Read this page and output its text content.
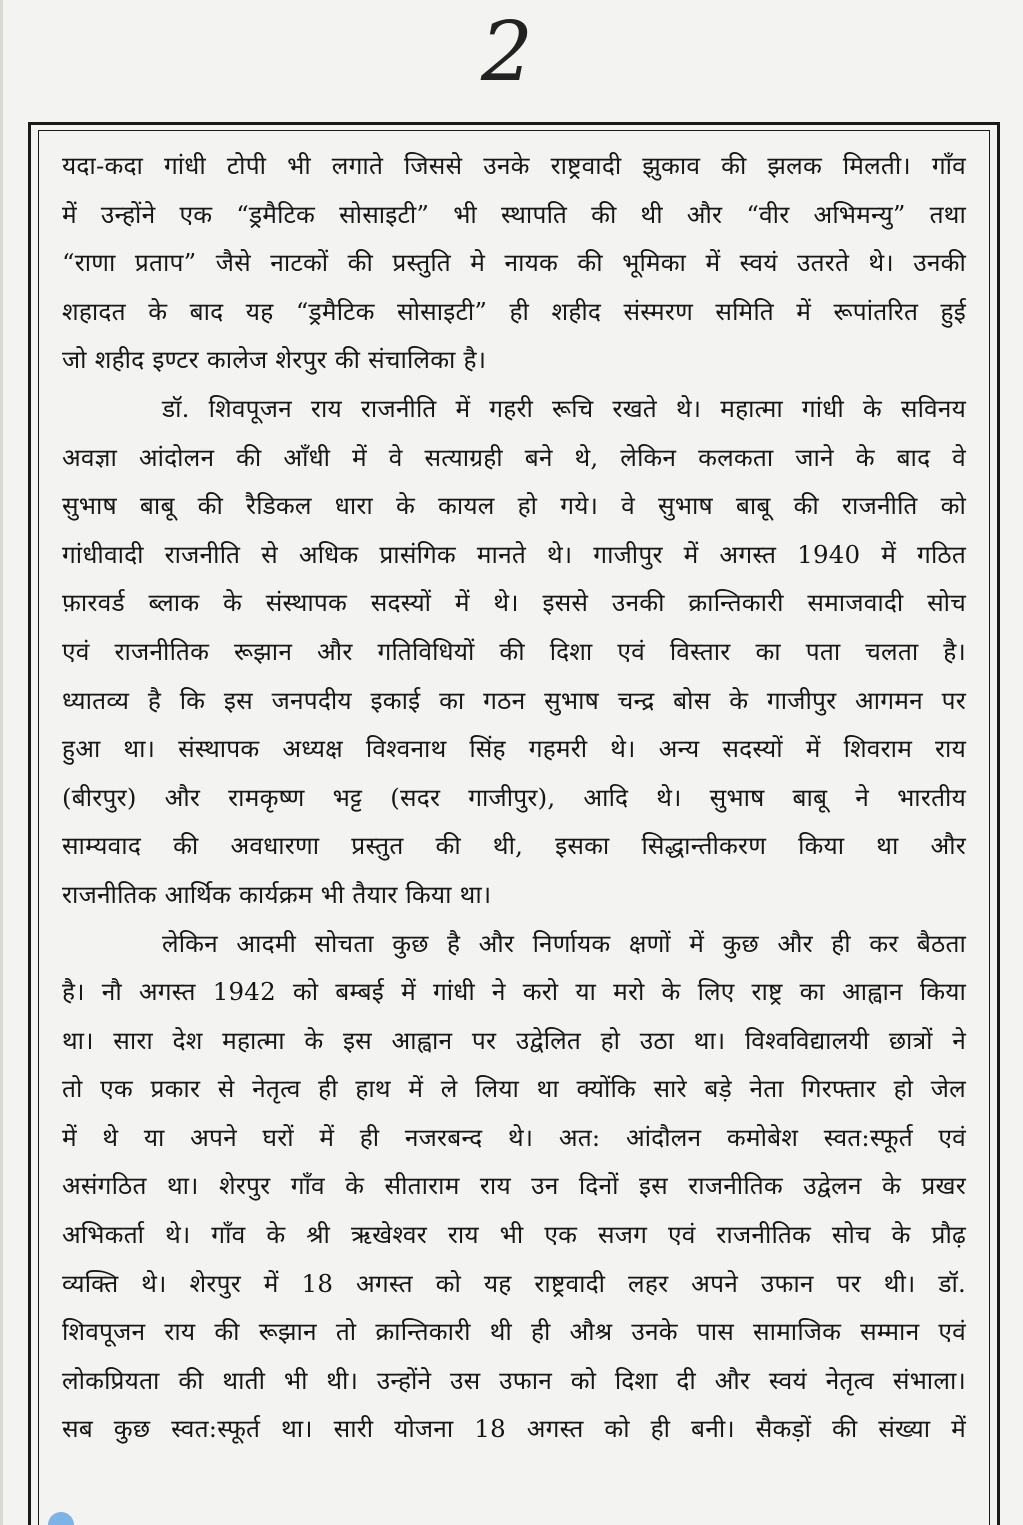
2
यदा-कदा गांधी टोपी भी लगाते जिससे उनके राष्ट्रवादी झुकाव की झलक मिलती। गाँव
में उन्होंने एक “ड्रमैटिक सोसाइटी” भी स्थापति की थी और “वीर अभिमन्यु” तथा
“राणा प्रताप” जैसे नाटकों की प्रस्तुति मे नायक की भूमिका में स्वयं उतरते थे। उनकी
शहादत के बाद यह “ड्रमैटिक सोसाइटी” ही शहीद संस्मरण समिति में रूपांतरित हुई
जो शहीद इण्टर कालेज शेरपुर की संचालिका है।
डॉ. शिवपूजन राय राजनीति में गहरी रूचि रखते थे। महात्मा गांधी के सविनय
अवज्ञा आंदोलन की आँधी में वे सत्याग्रही बने थे, लेकिन कलकता जाने के बाद वे
सुभाष बाबू की रैडिकल धारा के कायल हो गये। वे सुभाष बाबू की राजनीति को
गांधीवादी राजनीति से अधिक प्रासंगिक मानते थे। गाजीपुर में अगस्त 1940 में गठित
फ़ारवर्ड ब्लाक के संस्थापक सदस्यों में थे। इससे उनकी क्रान्तिकारी समाजवादी सोच
एवं राजनीतिक रूझान और गतिविधियों की दिशा एवं विस्तार का पता चलता है।
ध्यातव्य है कि इस जनपदीय इकाई का गठन सुभाष चन्द्र बोस के गाजीपुर आगमन पर
हुआ था। संस्थापक अध्यक्ष विश्वनाथ सिंह गहमरी थे। अन्य सदस्यों में शिवराम राय
(बीरपुर) और रामकृष्ण भट्ट (सदर गाजीपुर), आदि थे। सुभाष बाबू ने भारतीय
साम्यवाद की अवधारणा प्रस्तुत की थी, इसका सिद्धान्तीकरण किया था और
राजनीतिक आर्थिक कार्यक्रम भी तैयार किया था।
लेकिन आदमी सोचता कुछ है और निर्णायक क्षणों में कुछ और ही कर बैठता
है। नौ अगस्त 1942 को बम्बई में गांधी ने करो या मरो के लिए राष्ट्र का आह्वान किया
था। सारा देश महात्मा के इस आह्वान पर उद्वेलित हो उठा था। विश्वविद्यालयी छात्रों ने
तो एक प्रकार से नेतृत्व ही हाथ में ले लिया था क्योंकि सारे बड़े नेता गिरफ्तार हो जेल
में थे या अपने घरों में ही नजरबन्द थे। अत: आंदौलन कमोबेश स्वत:स्फूर्त एवं
असंगठित था। शेरपुर गाँव के सीताराम राय उन दिनों इस राजनीतिक उद्वेलन के प्रखर
अभिकर्ता थे। गाँव के श्री ऋखेश्वर राय भी एक सजग एवं राजनीतिक सोच के प्रौढ़
व्यक्ति थे। शेरपुर में 18 अगस्त को यह राष्ट्रवादी लहर अपने उफान पर थी। डॉ.
शिवपूजन राय की रूझान तो क्रान्तिकारी थी ही औश्र उनके पास सामाजिक सम्मान एवं
लोकप्रियता की थाती भी थी। उन्होंने उस उफान को दिशा दी और स्वयं नेतृत्व संभाला।
सब कुछ स्वत:स्फूर्त था। सारी योजना 18 अगस्त को ही बनी। सैकड़ों की संख्या में
